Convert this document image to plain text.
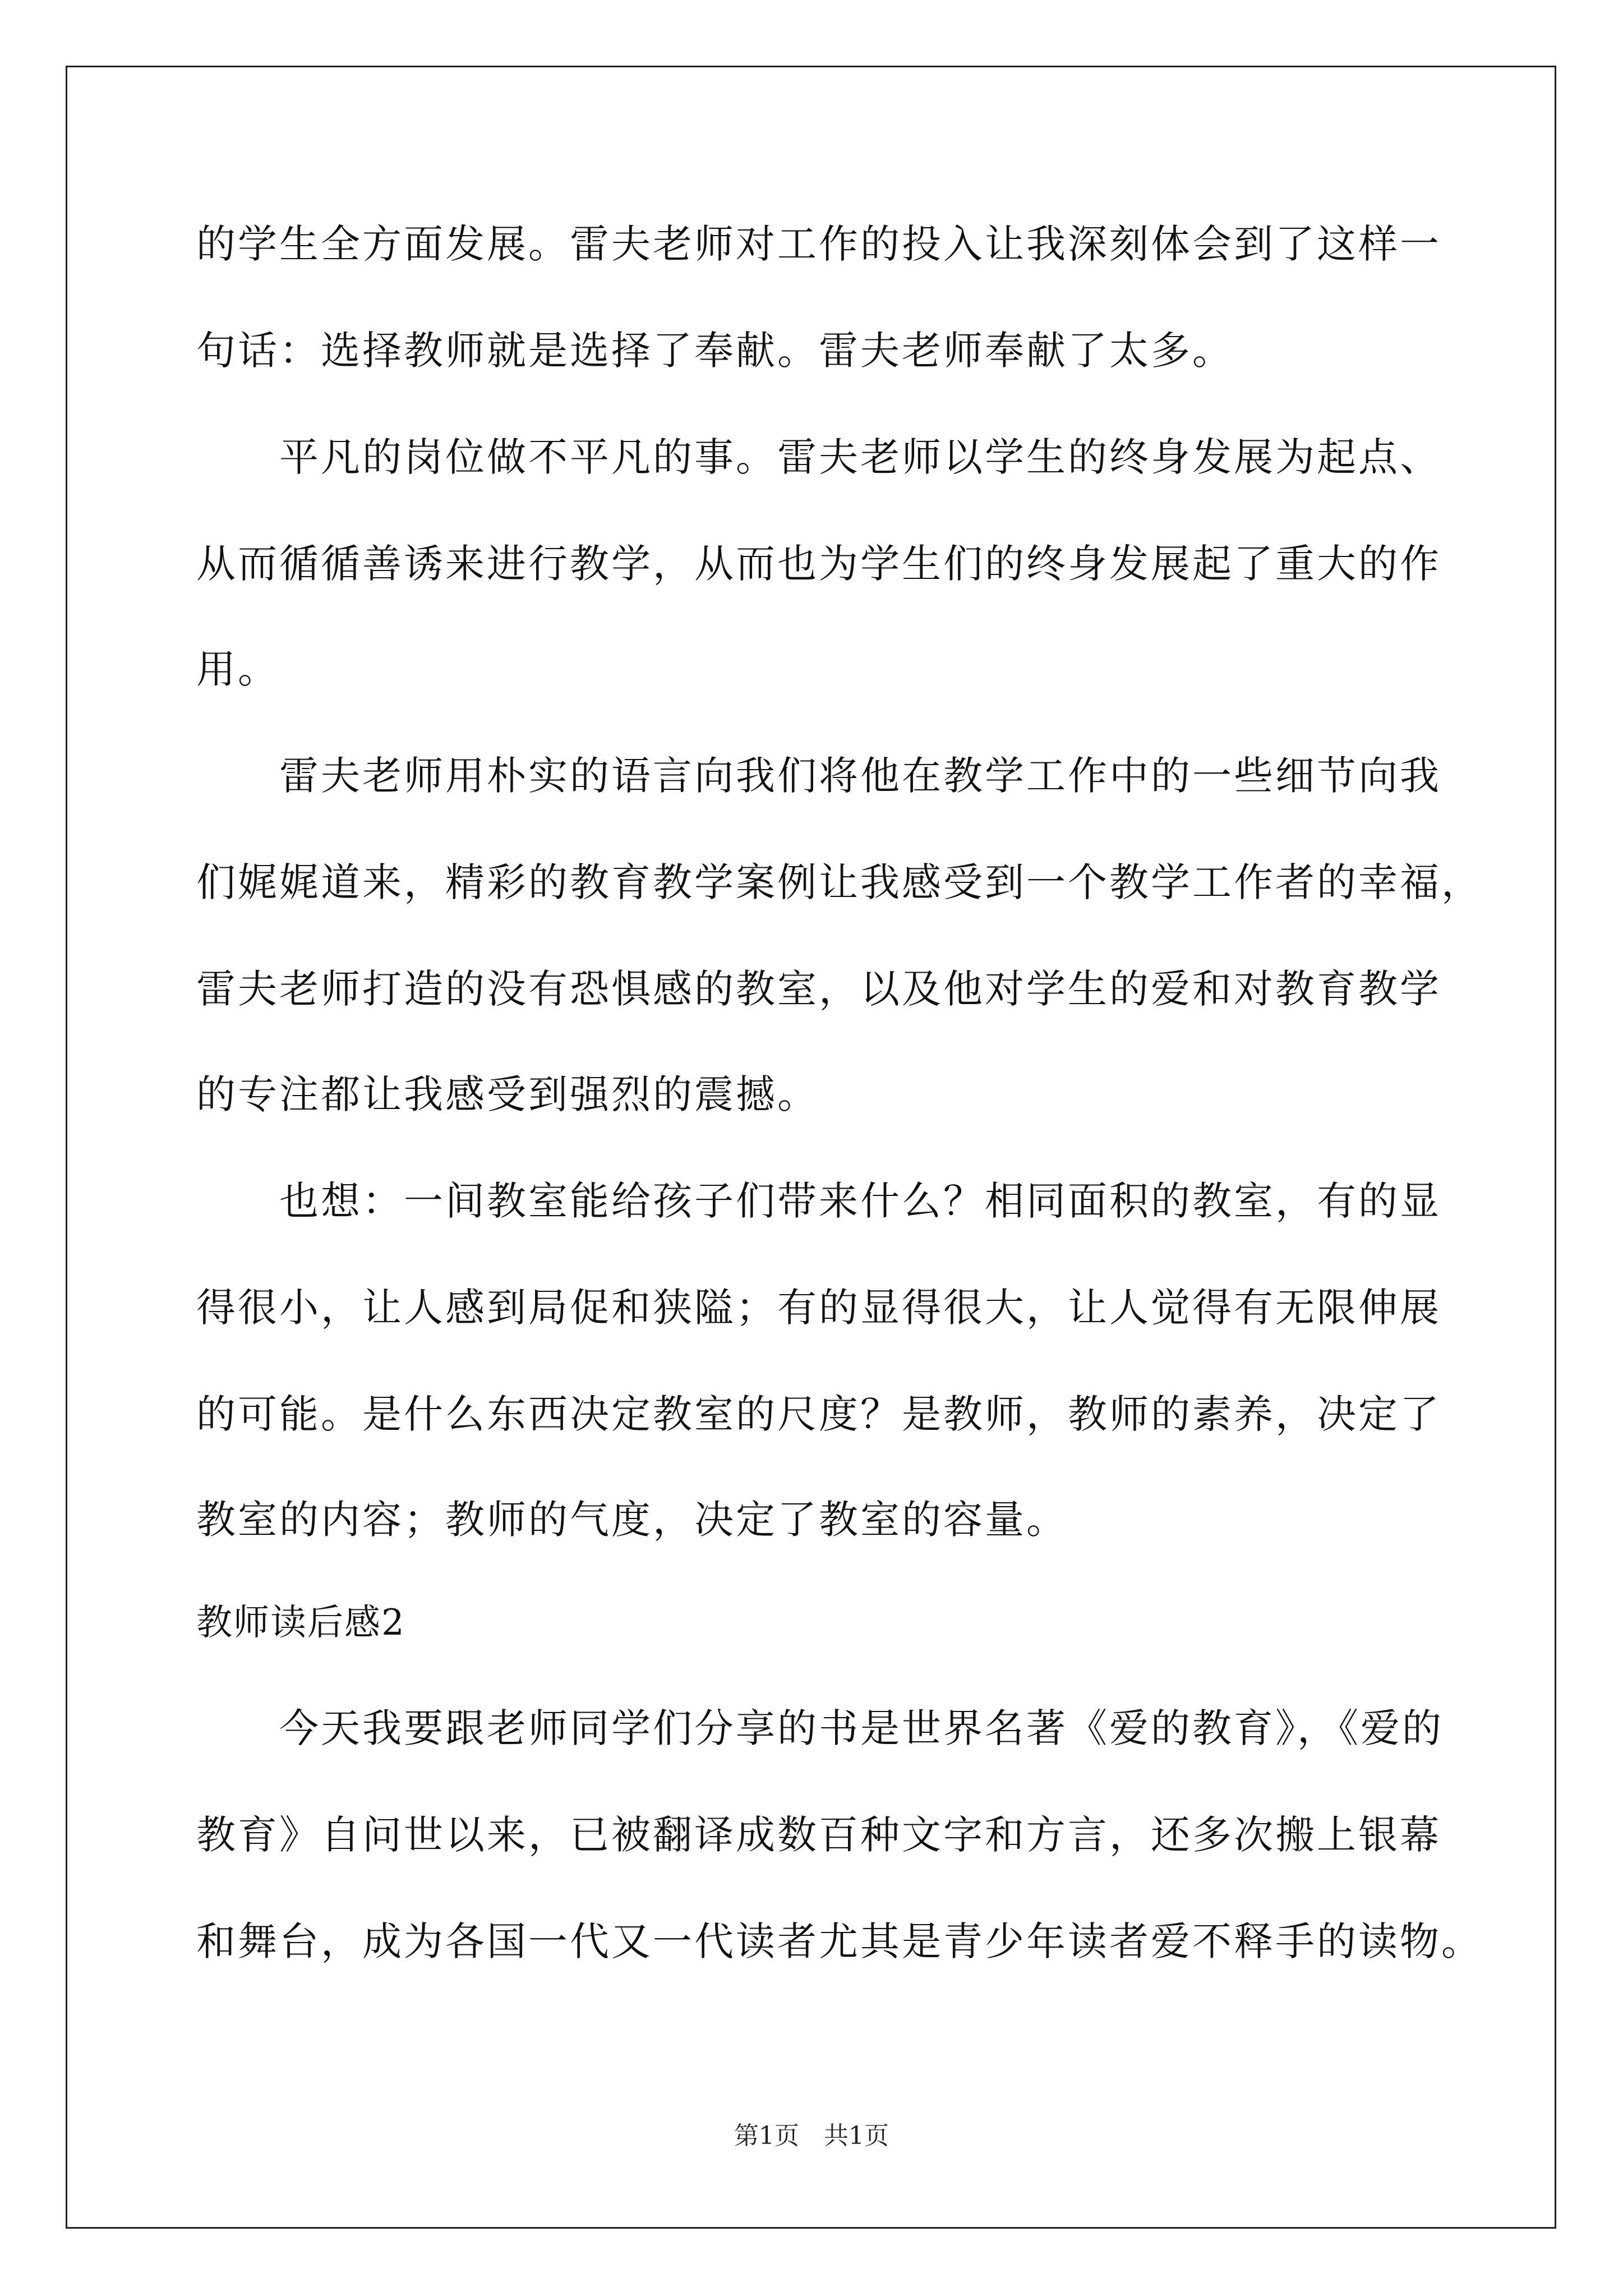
的学生全方面发展。雷夫老师对工作的投入让我深刻体会到了这样一
句话：选择教师就是选择了奉献。雷夫老师奉献了太多。
平凡的岗位做不平凡的事。雷夫老师以学生的终身发展为起点、
从而循循善诱来进行教学，从而也为学生们的终身发展起了重大的作
用。
雷夫老师用朴实的语言向我们将他在教学工作中的一些细节向我
们娓娓道来，精彩的教育教学案例让我感受到一个教学工作者的幸福，
雷夫老师打造的没有恐惧感的教室，以及他对学生的爱和对教育教学
的专注都让我感受到强烈的震撼。
也想：一间教室能给孩子们带来什么？相同面积的教室，有的显
得很小，让人感到局促和狭隘；有的显得很大，让人觉得有无限伸展
的可能。是什么东西决定教室的尺度？是教师，教师的素养，决定了
教室的内容；教师的气度，决定了教室的容量。
教师读后感2
今天我要跟老师同学们分享的书是世界名著《爱的教育》，《爱的
教育》自问世以来，已被翻译成数百种文字和方言，还多次搬上银幕
和舞台，成为各国一代又一代读者尤其是青少年读者爱不释手的读物。
第1页　共1页
